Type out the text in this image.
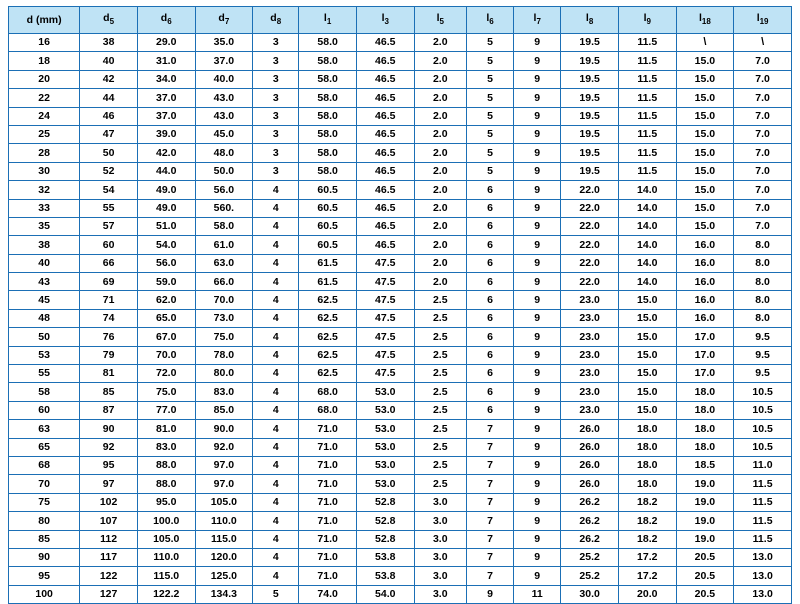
d (mm)	$d_5$	$d_6$	$d_7$	$d_8$	$l_1$	$l_3$	$l_5$	$l_6$	$l_7$	$l_8$	$l_9$	$l_{18}$	$l_{19}$
16	38	29.0	35.0	3	58.0	46.5	2.0	5	9	19.5	11.5	\	\
18	40	31.0	37.0	3	58.0	46.5	2.0	5	9	19.5	11.5	15.0	7.0
20	42	34.0	40.0	3	58.0	46.5	2.0	5	9	19.5	11.5	15.0	7.0
22	44	37.0	43.0	3	58.0	46.5	2.0	5	9	19.5	11.5	15.0	7.0
24	46	37.0	43.0	3	58.0	46.5	2.0	5	9	19.5	11.5	15.0	7.0
25	47	39.0	45.0	3	58.0	46.5	2.0	5	9	19.5	11.5	15.0	7.0
28	50	42.0	48.0	3	58.0	46.5	2.0	5	9	19.5	11.5	15.0	7.0
30	52	44.0	50.0	3	58.0	46.5	2.0	5	9	19.5	11.5	15.0	7.0
32	54	49.0	56.0	4	60.5	46.5	2.0	6	9	22.0	14.0	15.0	7.0
33	55	49.0	560.	4	60.5	46.5	2.0	6	9	22.0	14.0	15.0	7.0
35	57	51.0	58.0	4	60.5	46.5	2.0	6	9	22.0	14.0	15.0	7.0
38	60	54.0	61.0	4	60.5	46.5	2.0	6	9	22.0	14.0	16.0	8.0
40	66	56.0	63.0	4	61.5	47.5	2.0	6	9	22.0	14.0	16.0	8.0
43	69	59.0	66.0	4	61.5	47.5	2.0	6	9	22.0	14.0	16.0	8.0
45	71	62.0	70.0	4	62.5	47.5	2.5	6	9	23.0	15.0	16.0	8.0
48	74	65.0	73.0	4	62.5	47.5	2.5	6	9	23.0	15.0	16.0	8.0
50	76	67.0	75.0	4	62.5	47.5	2.5	6	9	23.0	15.0	17.0	9.5
53	79	70.0	78.0	4	62.5	47.5	2.5	6	9	23.0	15.0	17.0	9.5
55	81	72.0	80.0	4	62.5	47.5	2.5	6	9	23.0	15.0	17.0	9.5
58	85	75.0	83.0	4	68.0	53.0	2.5	6	9	23.0	15.0	18.0	10.5
60	87	77.0	85.0	4	68.0	53.0	2.5	6	9	23.0	15.0	18.0	10.5
63	90	81.0	90.0	4	71.0	53.0	2.5	7	9	26.0	18.0	18.0	10.5
65	92	83.0	92.0	4	71.0	53.0	2.5	7	9	26.0	18.0	18.0	10.5
68	95	88.0	97.0	4	71.0	53.0	2.5	7	9	26.0	18.0	18.5	11.0
70	97	88.0	97.0	4	71.0	53.0	2.5	7	9	26.0	18.0	19.0	11.5
75	102	95.0	105.0	4	71.0	52.8	3.0	7	9	26.2	18.2	19.0	11.5
80	107	100.0	110.0	4	71.0	52.8	3.0	7	9	26.2	18.2	19.0	11.5
85	112	105.0	115.0	4	71.0	52.8	3.0	7	9	26.2	18.2	19.0	11.5
90	117	110.0	120.0	4	71.0	53.8	3.0	7	9	25.2	17.2	20.5	13.0
95	122	115.0	125.0	4	71.0	53.8	3.0	7	9	25.2	17.2	20.5	13.0
100	127	122.2	134.3	5	74.0	54.0	3.0	9	11	30.0	20.0	20.5	13.0
